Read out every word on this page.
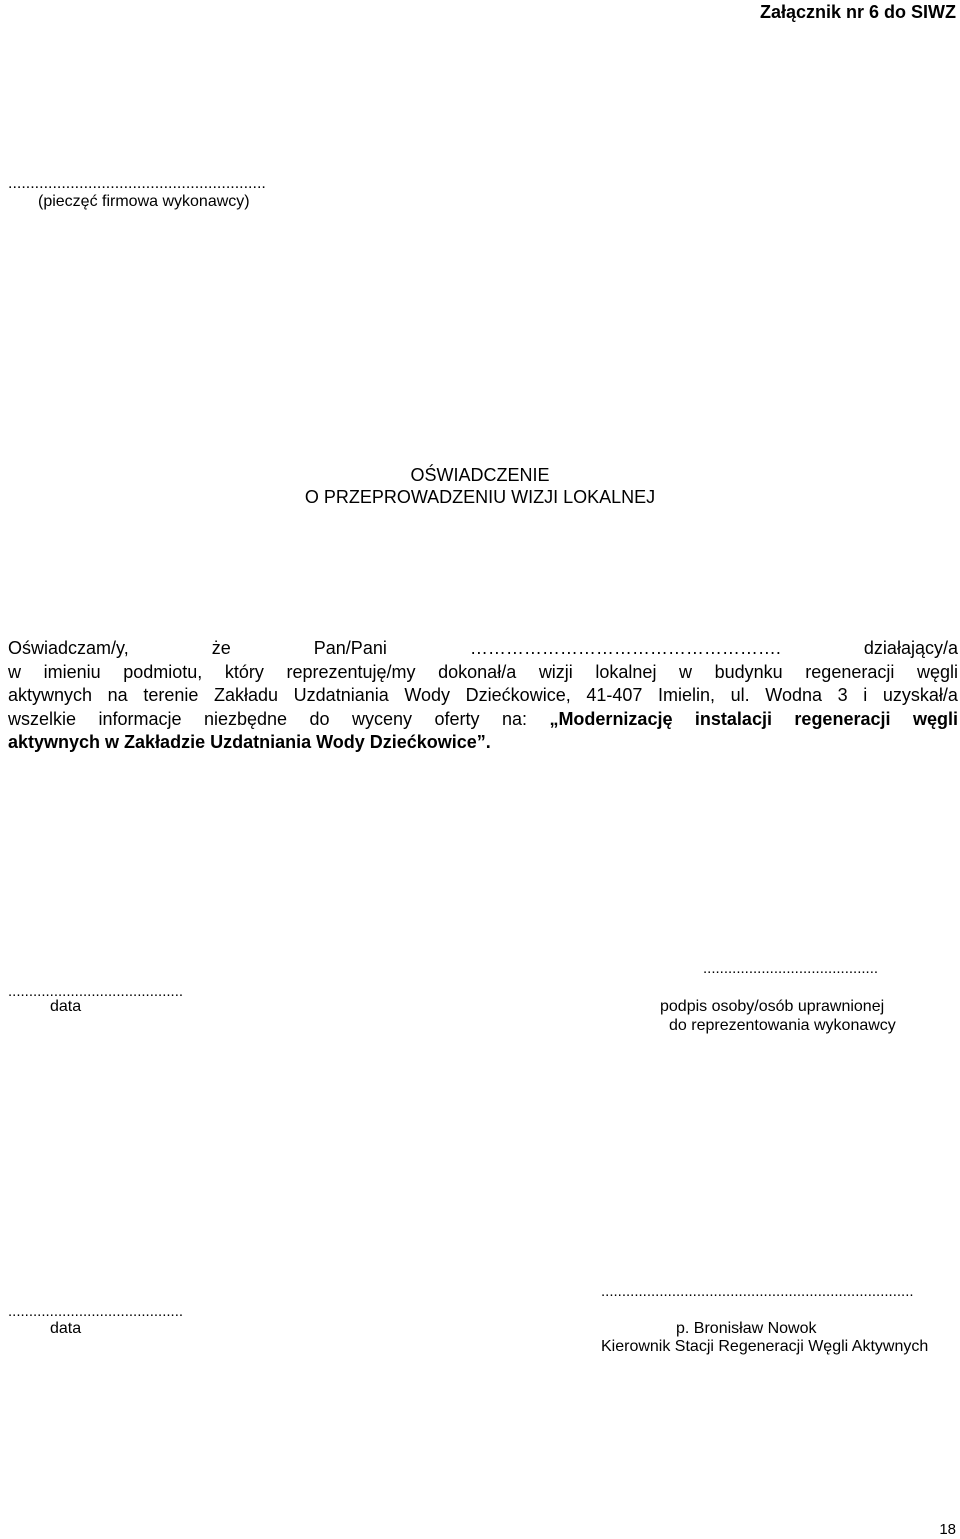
Załącznik nr 6 do SIWZ
..........................................................
(pieczęć firmowa wykonawcy)
OŚWIADCZENIE
O PRZEPROWADZENIU WIZJI LOKALNEJ
Oświadczam/y,	że	Pan/Pani	…………………………………………….	działający/a
w imieniu podmiotu, który reprezentuję/my dokonał/a wizji lokalnej w budynku regeneracji węgli
aktywnych na terenie Zakładu Uzdatniania Wody Dziećkowice, 41-407 Imielin, ul. Wodna 3 i uzyskał/a
wszelkie informacje niezbędne do wyceny oferty na: „Modernizację instalacji regeneracji węgli
aktywnych w Zakładzie Uzdatniania Wody Dziećkowice”.
..........................................
data
..........................................
podpis osoby/osób uprawnionej
do reprezentowania wykonawcy
..........................................
data
...........................................................................
p. Bronisław Nowok
Kierownik Stacji Regeneracji Węgli Aktywnych
18
